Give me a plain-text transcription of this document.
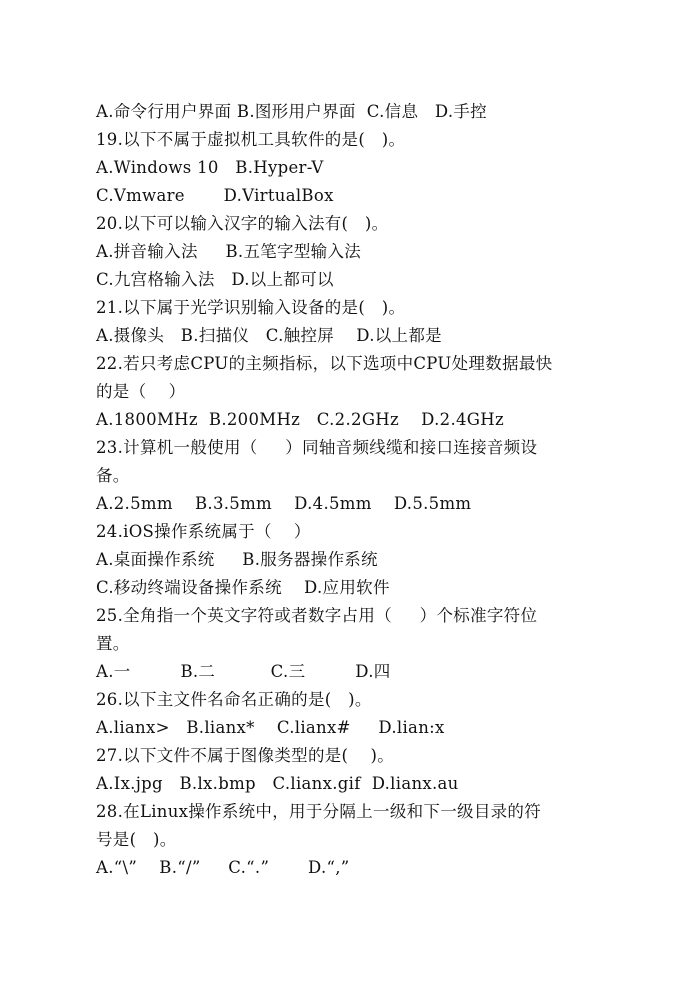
A.命令行用户界面 B.图形用户界面  C.信息   D.手控
19.以下不属于虚拟机工具软件的是(   )。
A.Windows 10   B.Hyper-V
C.Vmware       D.VirtualBox
20.以下可以输入汉字的输入法有(   )。
A.拼音输入法     B.五笔字型输入法
C.九宫格输入法   D.以上都可以
21.以下属于光学识别输入设备的是(   )。
A.摄像头   B.扫描仪   C.触控屏    D.以上都是
22.若只考虑CPU的主频指标，以下选项中CPU处理数据最快
的是（    ）
A.1800MHz  B.200MHz   C.2.2GHz    D.2.4GHz
23.计算机一般使用（     ）同轴音频线缆和接口连接音频设
备。
A.2.5mm    B.3.5mm    D.4.5mm    D.5.5mm
24.iOS操作系统属于（    ）
A.桌面操作系统     B.服务器操作系统
C.移动终端设备操作系统    D.应用软件
25.全角指一个英文字符或者数字占用（     ）个标准字符位
置。
A.一         B.二          C.三         D.四
26.以下主文件名命名正确的是(   )。
A.lianx>   B.lianx*    C.lianx#     D.lian:x
27.以下文件不属于图像类型的是(    )。
A.Ix.jpg   B.lx.bmp   C.lianx.gif  D.lianx.au
28.在Linux操作系统中，用于分隔上一级和下一级目录的符
号是(   )。
A.“\”    B.“/”     C.“.”       D.“,”
